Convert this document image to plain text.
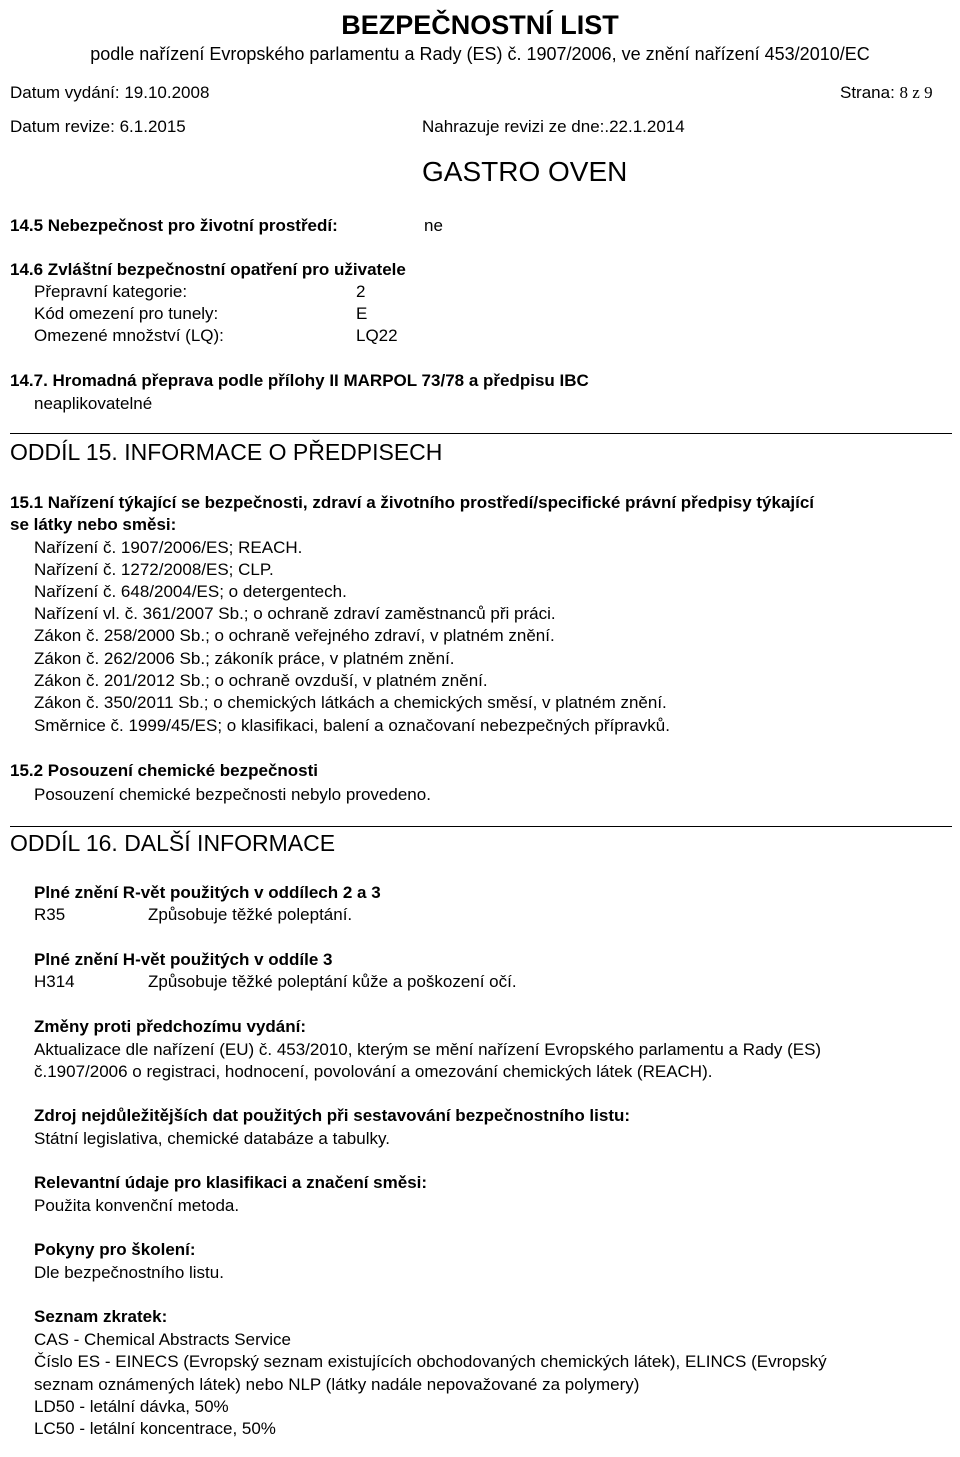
BEZPEČNOSTNÍ LIST
podle nařízení Evropského parlamentu a Rady (ES) č. 1907/2006, ve znění nařízení 453/2010/EC
Datum vydání: 19.10.2008	Strana: 8 z 9
Datum revize: 6.1.2015	Nahrazuje revizi ze dne:.22.1.2014
GASTRO OVEN
14.5 Nebezpečnost pro životní prostředí:	ne
14.6 Zvláštní bezpečnostní opatření pro uživatele
Přepravní kategorie:	2
Kód omezení pro tunely:	E
Omezené množství (LQ):	LQ22
14.7. Hromadná přeprava podle přílohy II MARPOL 73/78 a předpisu IBC
neaplikovatelné
ODDÍL 15. INFORMACE O PŘEDPISECH
15.1 Nařízení týkající se bezpečnosti, zdraví a životního prostředí/specifické právní předpisy týkající
se látky nebo směsi:
Nařízení č. 1907/2006/ES; REACH.
Nařízení č. 1272/2008/ES; CLP.
Nařízení č. 648/2004/ES; o detergentech.
Nařízení vl. č. 361/2007 Sb.; o ochraně zdraví zaměstnanců při práci.
Zákon č. 258/2000 Sb.; o ochraně veřejného zdraví, v platném znění.
Zákon č. 262/2006 Sb.; zákoník práce, v platném znění.
Zákon č. 201/2012 Sb.; o ochraně ovzduší, v platném znění.
Zákon č. 350/2011 Sb.; o chemických látkách a chemických směsí, v platném znění.
Směrnice č. 1999/45/ES; o klasifikaci, balení a označovaní nebezpečných přípravků.
15.2 Posouzení chemické bezpečnosti
Posouzení chemické bezpečnosti nebylo provedeno.
ODDÍL 16. DALŠÍ INFORMACE
Plné znění R-vět použitých v oddílech 2 a 3
R35	Způsobuje těžké poleptání.
Plné znění H-vět použitých v oddíle 3
H314	Způsobuje těžké poleptání kůže a poškození očí.
Změny proti předchozímu vydání:
Aktualizace dle nařízení (EU) č. 453/2010, kterým se mění nařízení Evropského parlamentu a Rady (ES)
č.1907/2006 o registraci, hodnocení, povolování a omezování chemických látek (REACH).
Zdroj nejdůležitějších dat použitých při sestavování bezpečnostního listu:
Státní legislativa, chemické databáze a tabulky.
Relevantní údaje pro klasifikaci a značení směsi:
Použita konvenční metoda.
Pokyny pro školení:
Dle bezpečnostního listu.
Seznam zkratek:
CAS - Chemical Abstracts Service
Číslo ES - EINECS (Evropský seznam existujících obchodovaných chemických látek), ELINCS (Evropský
seznam oznámených látek) nebo NLP (látky nadále nepovažované za polymery)
LD50 - letální dávka, 50%
LC50 - letální koncentrace, 50%
